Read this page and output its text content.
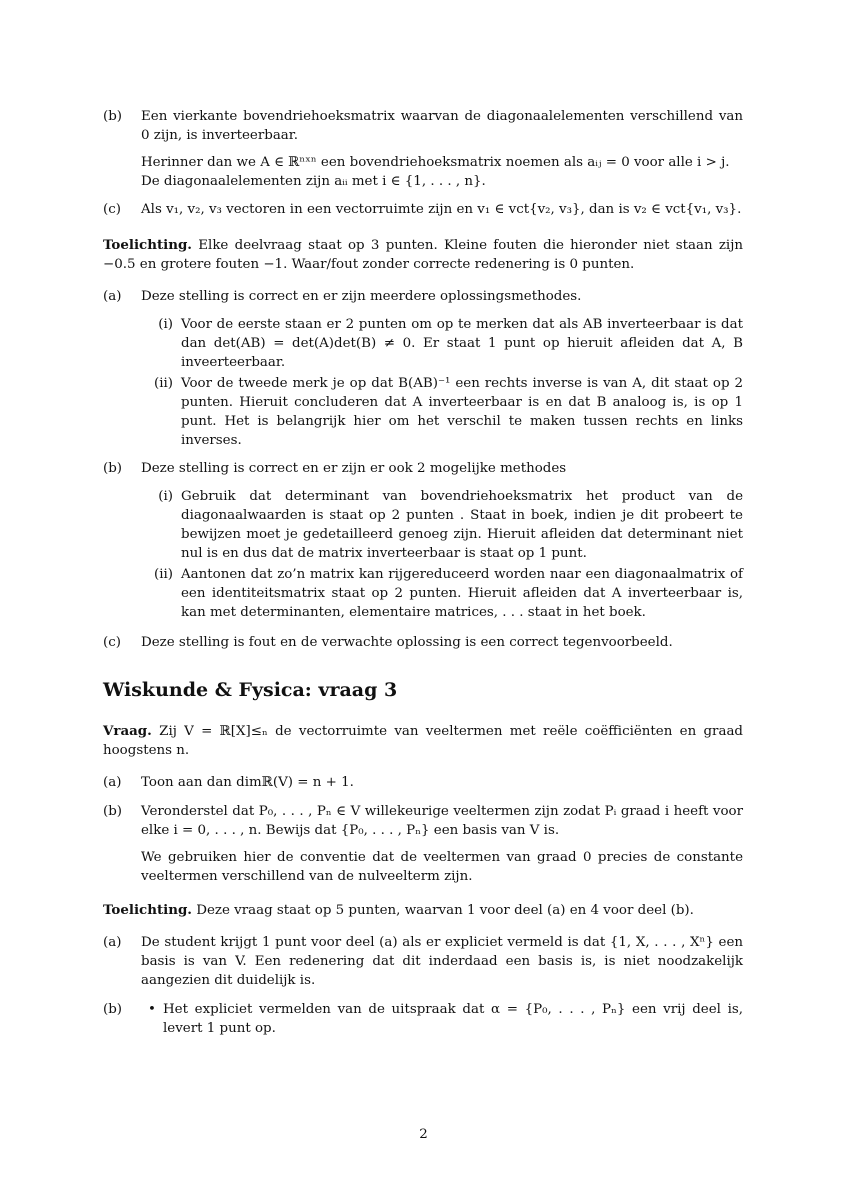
(b)	Een vierkante bovendriehoeksmatrix waarvan de diagonaalelementen verschillend van 0 zijn, is inverteerbaar.

Herinner dan we A ∈ ℝⁿˣⁿ een bovendriehoeksmatrix noemen als aᵢⱼ = 0 voor alle i > j.

De diagonaalelementen zijn aᵢᵢ met i ∈ {1, . . . , n}.

(c)	Als v₁, v₂, v₃ vectoren in een vectorruimte zijn en v₁ ∈ vct{v₂, v₃}, dan is v₂ ∈ vct{v₁, v₃}.

Toelichting. Elke deelvraag staat op 3 punten. Kleine fouten die hieronder niet staan zijn −0.5 en grotere fouten −1. Waar/fout zonder correcte redenering is 0 punten.

(a)	Deze stelling is correct en er zijn meerdere oplossingsmethodes.

(i) Voor de eerste staan er 2 punten om op te merken dat als AB inverteerbaar is dat dan det(AB) = det(A)det(B) ≠ 0. Er staat 1 punt op hieruit afleiden dat A, B inveerteerbaar.

(ii) Voor de tweede merk je op dat B(AB)⁻¹ een rechts inverse is van A, dit staat op 2 punten. Hieruit concluderen dat A inverteerbaar is en dat B analoog is, is op 1 punt. Het is belangrijk hier om het verschil te maken tussen rechts en links inverses.

(b)	Deze stelling is correct en er zijn er ook 2 mogelijke methodes

(i) Gebruik dat determinant van bovendriehoeksmatrix het product van de diagonaalwaarden is staat op 2 punten . Staat in boek, indien je dit probeert te bewijzen moet je gedetailleerd genoeg zijn. Hieruit afleiden dat determinant niet nul is en dus dat de matrix inverteerbaar is staat op 1 punt.

(ii) Aantonen dat zo’n matrix kan rijgereduceerd worden naar een diagonaalmatrix of een identiteitsmatrix staat op 2 punten. Hieruit afleiden dat A inverteerbaar is, kan met determinanten, elementaire matrices, . . . staat in het boek.

(c)	Deze stelling is fout en de verwachte oplossing is een correct tegenvoorbeeld.

Wiskunde & Fysica: vraag 3

Vraag. Zij V = ℝ[X]≤ₙ de vectorruimte van veeltermen met reële coëfficiënten en graad hoogstens n.

(a)	Toon aan dan dimℝ(V) = n + 1.

(b)	Veronderstel dat P₀, . . . , Pₙ ∈ V willekeurige veeltermen zijn zodat Pᵢ graad i heeft voor elke i = 0, . . . , n. Bewijs dat {P₀, . . . , Pₙ} een basis van V is.

We gebruiken hier de conventie dat de veeltermen van graad 0 precies de constante veeltermen verschillend van de nulveelterm zijn.

Toelichting. Deze vraag staat op 5 punten, waarvan 1 voor deel (a) en 4 voor deel (b).

(a)	De student krijgt 1 punt voor deel (a) als er expliciet vermeld is dat {1, X, . . . , Xⁿ} een basis is van V. Een redenering dat dit inderdaad een basis is, is niet noodzakelijk aangezien dit duidelijk is.

(b)	• Het expliciet vermelden van de uitspraak dat α = {P₀, . . . , Pₙ} een vrij deel is, levert 1 punt op.

2
